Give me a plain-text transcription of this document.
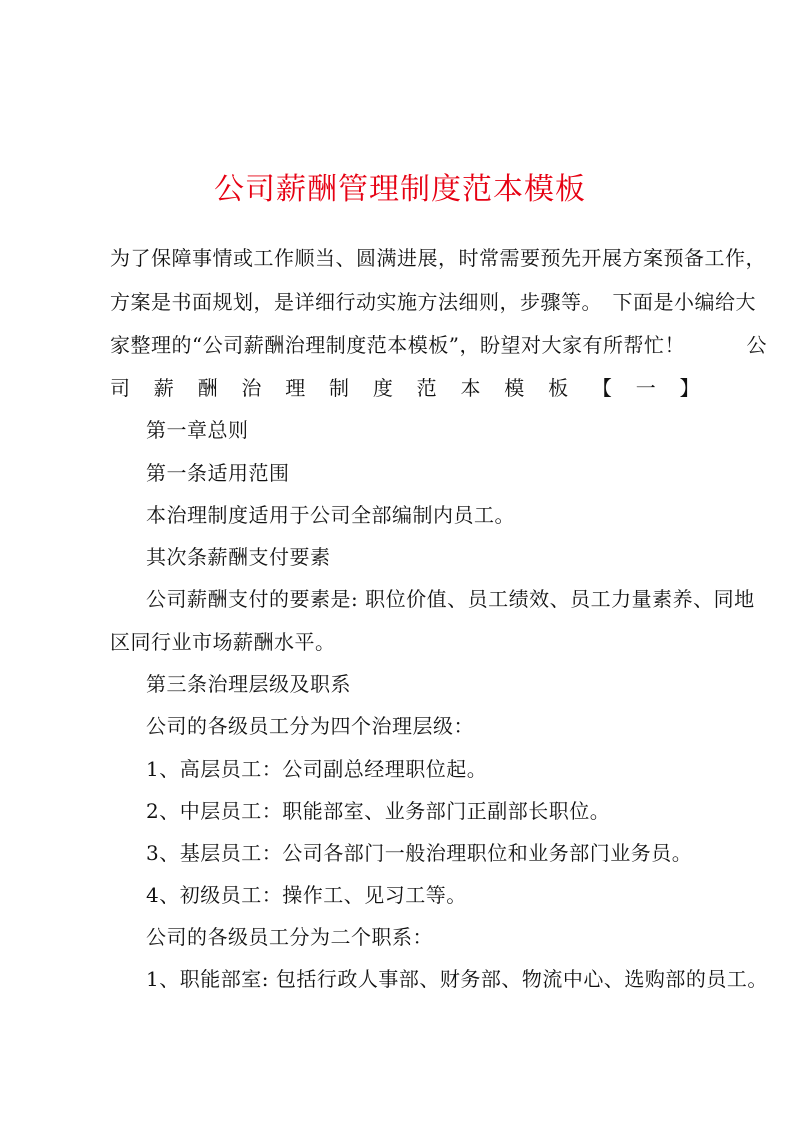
公司薪酬管理制度范本模板
为了保障事情或工作顺当、圆满进展，时常需要预先开展方案预备工作，
方案是书面规划，是详细行动实施方法细则，步骤等。　下面是小编给大
家整理的“公司薪酬治理制度范本模板”，盼望对大家有所帮忙！　　　公
司薪酬治理制度范本模板【一】
第一章总则
第一条适用范围
本治理制度适用于公司全部编制内员工。
其次条薪酬支付要素
公司薪酬支付的要素是: 职位价值、员工绩效、员工力量素养、同地
区同行业市场薪酬水平。
第三条治理层级及职系
公司的各级员工分为四个治理层级：
1、高层员工：公司副总经理职位起。
2、中层员工：职能部室、业务部门正副部长职位。
3、基层员工：公司各部门一般治理职位和业务部门业务员。
4、初级员工：操作工、见习工等。
公司的各级员工分为二个职系：
1、职能部室: 包括行政人事部、财务部、物流中心、选购部的员工。
